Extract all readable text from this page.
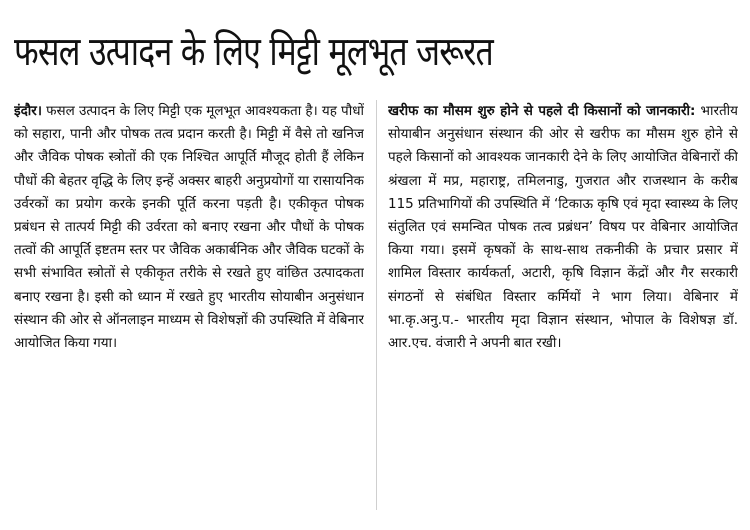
फसल उत्पादन के लिए मिट्टी मूलभूत जरूरत

इंदौर। फसल उत्पादन के लिए मिट्टी एक मूलभूत आवश्यकता है। यह पौधों को सहारा, पानी और पोषक तत्व प्रदान करती है। मिट्टी में वैसे तो खनिज और जैविक पोषक स्त्रोतों की एक निश्चित आपूर्ति मौजूद होती हैं लेकिन पौधों की बेहतर वृद्धि के लिए इन्हें अक्सर बाहरी अनुप्रयोगों या रासायनिक उर्वरकों का प्रयोग करके इनकी पूर्ति करना पड़ती है। एकीकृत पोषक प्रबंधन से तात्पर्य मिट्टी की उर्वरता को बनाए रखना और पौधों के पोषक तत्वों की आपूर्ति इष्टतम स्तर पर जैविक अकार्बनिक और जैविक घटकों के सभी संभावित स्त्रोतों से एकीकृत तरीके से रखते हुए वांछित उत्पादकता बनाए रखना है। इसी को ध्यान में रखते हुए भारतीय सोयाबीन अनुसंधान संस्थान की ओर से ऑनलाइन माध्यम से विशेषज्ञों की उपस्थिति में वेबिनार आयोजित किया गया।

खरीफ का मौसम शुरु होने से पहले दी किसानों को जानकारी: भारतीय सोयाबीन अनुसंधान संस्थान की ओर से खरीफ का मौसम शुरु होने से पहले किसानों को आवश्यक जानकारी देने के लिए आयोजित वेबिनारों की श्रंखला में मप्र, महाराष्ट्र, तमिलनाडु, गुजरात और राजस्थान के करीब 115 प्रतिभागियों की उपस्थिति में ‘टिकाऊ कृषि एवं मृदा स्वास्थ्य के लिए संतुलित एवं समन्वित पोषक तत्व प्रब्रंधन’ विषय पर वेबिनार आयोजित किया गया। इसमें कृषकों के साथ-साथ तकनीकी के प्रचार प्रसार में शामिल विस्तार कार्यकर्ता, अटारी, कृषि विज्ञान केंद्रों और गैर सरकारी संगठनों से संबंधित विस्तार कर्मियों ने भाग लिया। वेबिनार में भा.कृ.अनु.प.- भारतीय मृदा विज्ञान संस्थान, भोपाल के विशेषज्ञ डॉ. आर.एच. वंजारी ने अपनी बात रखी।
